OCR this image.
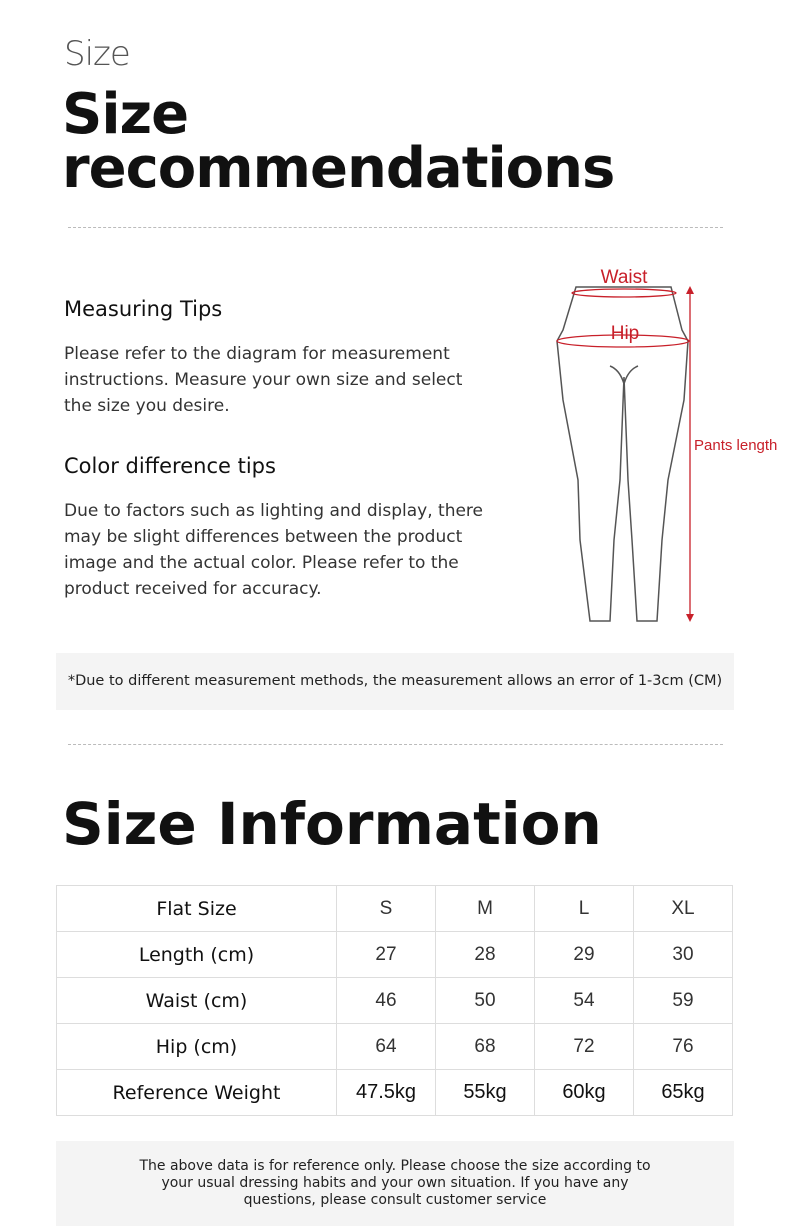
Size
Size
recommendations
Measuring Tips
Please refer to the diagram for measurement instructions. Measure your own size and select the size you desire.
Color difference tips
Due to factors such as lighting and display, there may be slight differences between the product image and the actual color. Please refer to the product received for accuracy.
Waist
Hip
Pants length
*Due to different measurement methods, the measurement allows an error of 1-3cm (CM)
Size Information
Flat Size	S	M	L	XL
Length (cm)	27	28	29	30
Waist (cm)	46	50	54	59
Hip (cm)	64	68	72	76
Reference Weight	47.5kg	55kg	60kg	65kg
The above data is for reference only. Please choose the size according to your usual dressing habits and your own situation. If you have any questions, please consult customer service
